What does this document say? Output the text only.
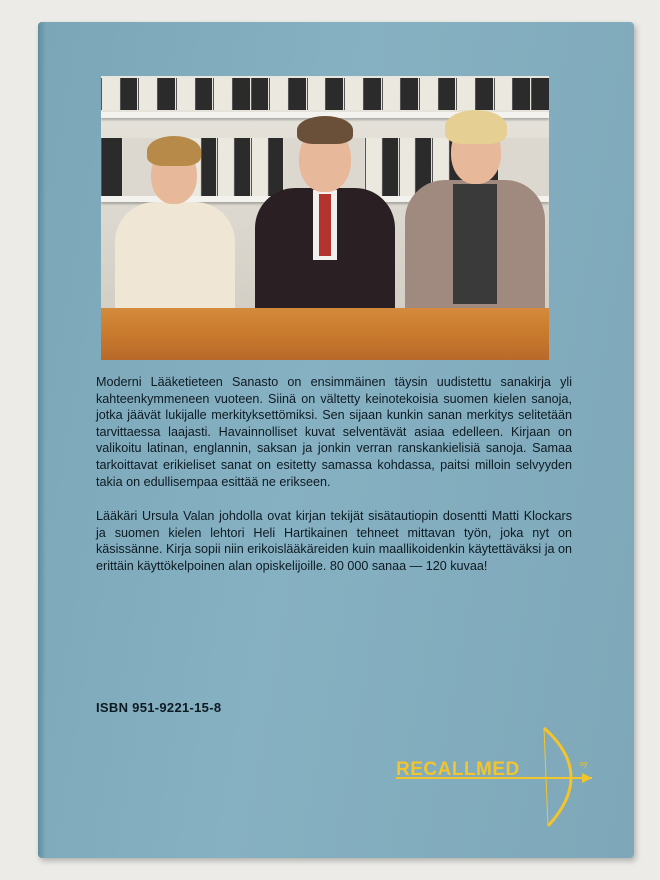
Moderni Lääketieteen Sanasto on ensimmäinen täysin uudistettu sanakirja yli kahteenkymmeneen vuoteen. Siinä on vältetty keinotekoisia suomen kielen sanoja, jotka jäävät lukijalle merkityksettömiksi. Sen sijaan kunkin sanan merkitys selitetään tarvittaessa laajasti. Havainnolliset kuvat selventävät asiaa edelleen. Kirjaan on valikoitu latinan, englannin, saksan ja jonkin verran ranskankielisiä sanoja. Samaa tarkoittavat erikieliset sanat on esitetty samassa kohdassa, paitsi milloin selvyyden takia on edullisempaa esittää ne erikseen.

Lääkäri Ursula Valan johdolla ovat kirjan tekijät sisätautiopin dosentti Matti Klockars ja suomen kielen lehtori Heli Hartikainen tehneet mittavan työn, joka nyt on käsissänne. Kirja sopii niin erikoislääkäreiden kuin maallikoidenkin käytettäväksi ja on erittäin käyttökelpoinen alan opiskelijoille. 80 000 sanaa — 120 kuvaa!

ISBN 951-9221-15-8
RECALLMED	oy
